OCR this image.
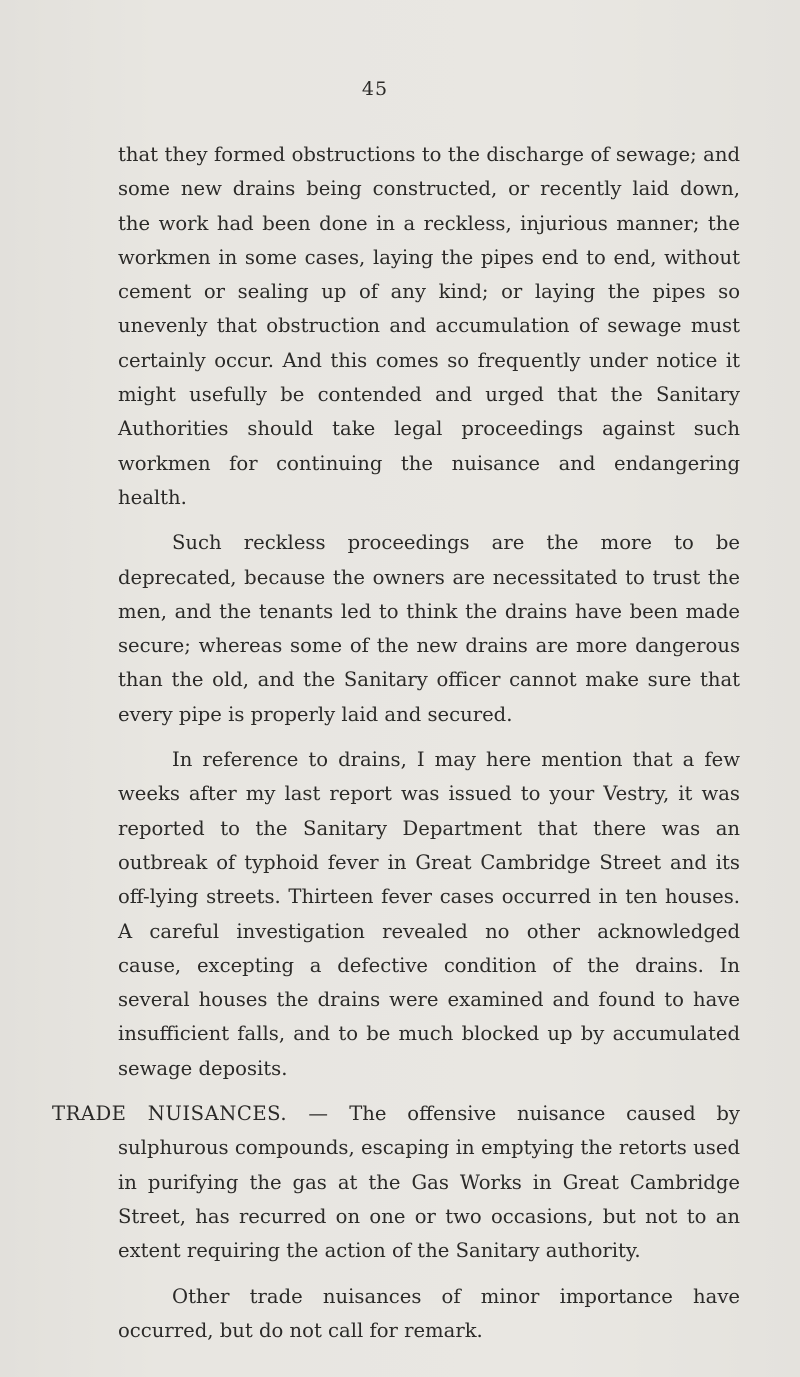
45

that they formed obstructions to the discharge of sewage; and some new drains being constructed, or recently laid down, the work had been done in a reckless, injurious manner; the workmen in some cases, laying the pipes end to end, without cement or sealing up of any kind; or laying the pipes so unevenly that obstruction and accumulation of sewage must certainly occur. And this comes so frequently under notice it might usefully be contended and urged that the Sanitary Authorities should take legal proceedings against such workmen for continuing the nuisance and endangering health.

Such reckless proceedings are the more to be deprecated, because the owners are necessitated to trust the men, and the tenants led to think the drains have been made secure; whereas some of the new drains are more dangerous than the old, and the Sanitary officer cannot make sure that every pipe is properly laid and secured.

In reference to drains, I may here mention that a few weeks after my last report was issued to your Vestry, it was reported to the Sanitary Department that there was an outbreak of typhoid fever in Great Cambridge Street and its off-lying streets. Thirteen fever cases occurred in ten houses. A careful investigation revealed no other acknowledged cause, excepting a defective condition of the drains. In several houses the drains were examined and found to have insufficient falls, and to be much blocked up by accumulated sewage deposits.

TRADE NUISANCES. — The offensive nuisance caused by sulphurous compounds, escaping in emptying the retorts used in purifying the gas at the Gas Works in Great Cambridge Street, has recurred on one or two occasions, but not to an extent requiring the action of the Sanitary authority.

Other trade nuisances of minor importance have occurred, but do not call for remark.
